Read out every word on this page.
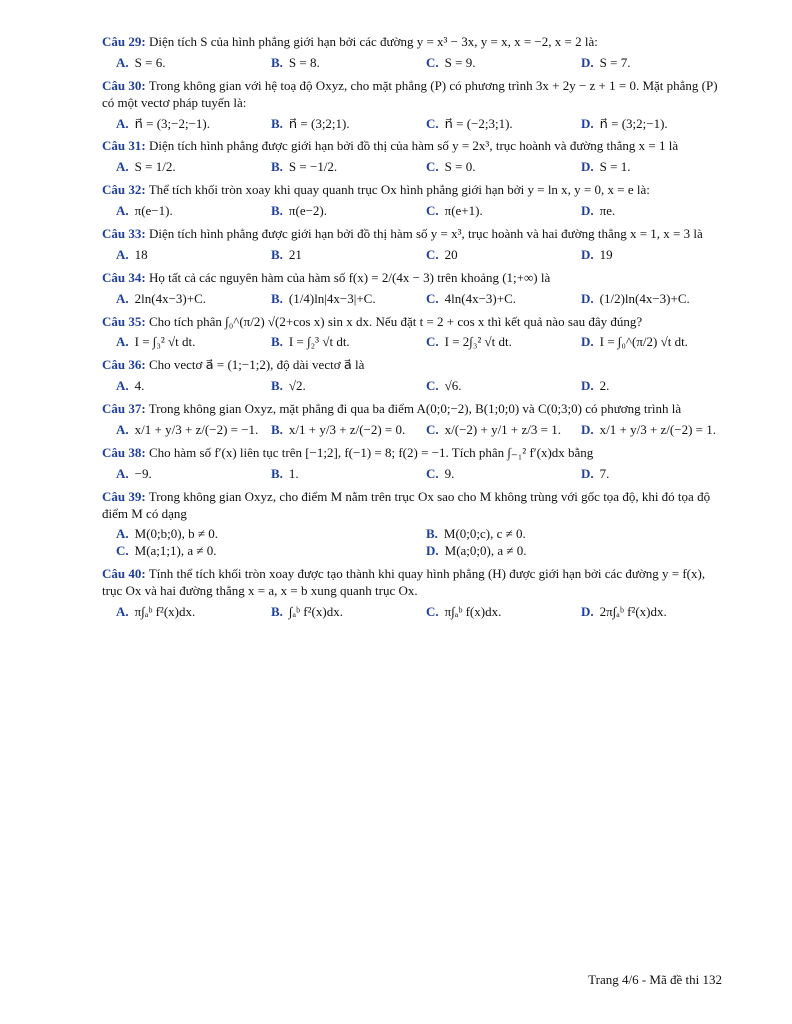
Câu 29: Diện tích S của hình phẳng giới hạn bởi các đường y = x³ − 3x, y = x, x = −2, x = 2 là:
A. S = 6.	B. S = 8.	C. S = 9.	D. S = 7.
Câu 30: Trong không gian với hệ toạ độ Oxyz, cho mặt phẳng (P) có phương trình 3x + 2y − z + 1 = 0. Mặt phẳng (P) có một vectơ pháp tuyến là:
A. n⃗ = (3;−2;−1).	B. n⃗ = (3;2;1).	C. n⃗ = (−2;3;1).	D. n⃗ = (3;2;−1).
Câu 31: Diện tích hình phẳng được giới hạn bởi đồ thị của hàm số y = 2x³, trục hoành và đường thẳng x = 1 là
A. S = 1/2.	B. S = −1/2.	C. S = 0.	D. S = 1.
Câu 32: Thể tích khối tròn xoay khi quay quanh trục Ox hình phẳng giới hạn bởi y = ln x, y = 0, x = e là:
A. π(e−1).	B. π(e−2).	C. π(e+1).	D. πe.
Câu 33: Diện tích hình phẳng được giới hạn bởi đồ thị hàm số y = x³, trục hoành và hai đường thẳng x = 1, x = 3 là
A. 18	B. 21	C. 20	D. 19
Câu 34: Họ tất cả các nguyên hàm của hàm số f(x) = 2/(4x − 3) trên khoảng (1;+∞) là
A. 2ln(4x−3)+C.	B. (1/4)ln|4x−3|+C.	C. 4ln(4x−3)+C.	D. (1/2)ln(4x−3)+C.
Câu 35: Cho tích phân ∫₀^(π/2) √(2+cos x) sin x dx. Nếu đặt t = 2 + cos x thì kết quả nào sau đây đúng?
A. I = ∫₃² √t dt.	B. I = ∫₂³ √t dt.	C. I = 2∫₃² √t dt.	D. I = ∫₀^(π/2) √t dt.
Câu 36: Cho vectơ a⃗ = (1;−1;2), độ dài vectơ a⃗ là
A. 4.	B. √2.	C. √6.	D. 2.
Câu 37: Trong không gian Oxyz, mặt phẳng đi qua ba điểm A(0;0;−2), B(1;0;0) và C(0;3;0) có phương trình là
A. x/1 + y/3 + z/(−2) = −1. B. x/1 + y/3 + z/(−2) = 0. C. x/(−2) + y/1 + z/3 = 1. D. x/1 + y/3 + z/(−2) = 1.
Câu 38: Cho hàm số f′(x) liên tục trên [−1;2], f(−1) = 8; f(2) = −1. Tích phân ∫₋₁² f′(x)dx bằng
A. −9.	B. 1.	C. 9.	D. 7.
Câu 39: Trong không gian Oxyz, cho điểm M nằm trên trục Ox sao cho M không trùng với gốc tọa độ, khi đó tọa độ điểm M có dạng
A. M(0;b;0), b ≠ 0.	B. M(0;0;c), c ≠ 0.
C. M(a;1;1), a ≠ 0.	D. M(a;0;0), a ≠ 0.
Câu 40: Tính thể tích khối tròn xoay được tạo thành khi quay hình phẳng (H) được giới hạn bởi các đường y = f(x), trục Ox và hai đường thẳng x = a, x = b xung quanh trục Ox.
A. π∫ₐᵇ f²(x)dx.	B. ∫ₐᵇ f²(x)dx.	C. π∫ₐᵇ f(x)dx.	D. 2π∫ₐᵇ f²(x)dx.
Trang 4/6 - Mã đề thi 132
